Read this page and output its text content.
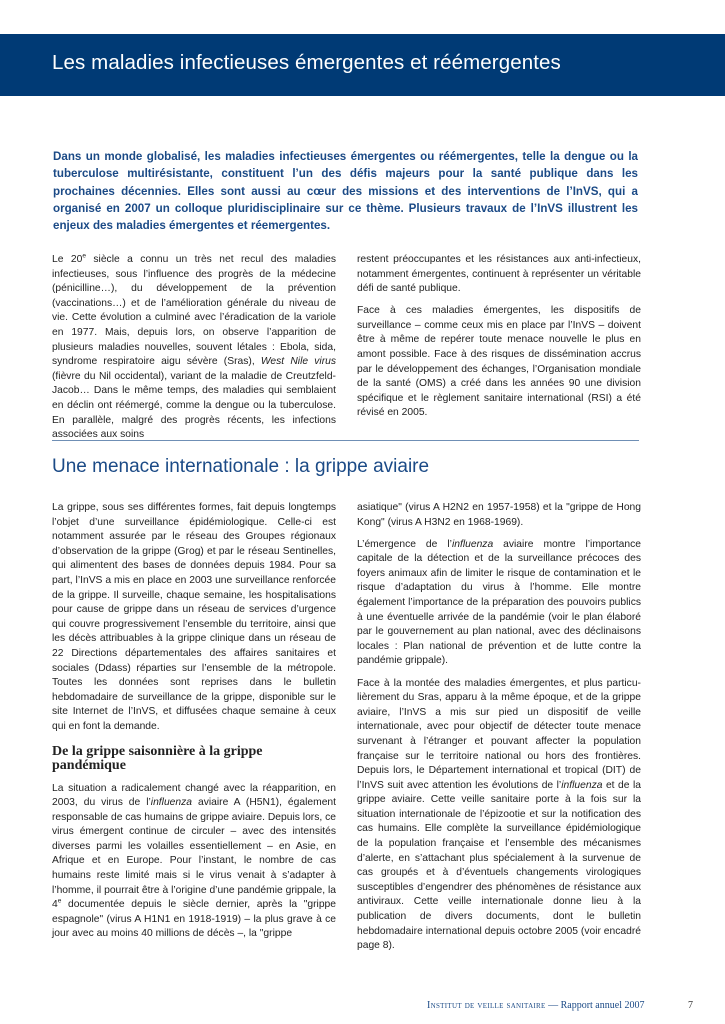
Les maladies infectieuses émergentes et réémergentes

Dans un monde globalisé, les maladies infectieuses émergentes ou réémergentes, telle la dengue ou la tuberculose multirésistante, constituent l’un des défis majeurs pour la santé publique dans les prochaines décennies. Elles sont aussi au cœur des missions et des interventions de l’InVS, qui a organisé en 2007 un colloque pluridisciplinaire sur ce thème. Plusieurs travaux de l’InVS illustrent les enjeux des maladies émergentes et réemergentes.

Le 20e siècle a connu un très net recul des maladies infectieuses, sous l’influence des progrès de la médecine (pénicilline…), du développement de la prévention (vaccinations…) et de l’amélioration générale du niveau de vie. Cette évolution a culminé avec l’éradication de la variole en 1977. Mais, depuis lors, on observe l’apparition de plusieurs maladies nouvelles, souvent létales : Ebola, sida, syndrome respiratoire aigu sévère (Sras), West Nile virus (fièvre du Nil occidental), variant de la maladie de Creutzfeld-Jacob… Dans le même temps, des maladies qui semblaient en déclin ont réémergé, comme la dengue ou la tuberculose. En parallèle, malgré des progrès récents, les infections associées aux soins

restent préoccupantes et les résistances aux anti-infectieux, notamment émergentes, continuent à représenter un véritable défi de santé publique.

Face à ces maladies émergentes, les dispositifs de surveillance – comme ceux mis en place par l’InVS – doivent être à même de repérer toute menace nouvelle le plus en amont possible. Face à des risques de dissémination accrus par le développement des échanges, l’Organisation mondiale de la santé (OMS) a créé dans les années 90 une division spécifique et le règlement sanitaire international (RSI) a été révisé en 2005.

Une menace internationale : la grippe aviaire

La grippe, sous ses différentes formes, fait depuis longtemps l’objet d’une surveillance épidémiologique. Celle-ci est notamment assurée par le réseau des Groupes régionaux d’observation de la grippe (Grog) et par le réseau Sentinelles, qui alimentent des bases de données depuis 1984. Pour sa part, l’InVS a mis en place en 2003 une surveillance renforcée de la grippe. Il surveille, chaque semaine, les hospitalisations pour cause de grippe dans un réseau de services d’urgence qui couvre progressivement l’ensemble du territoire, ainsi que les décès attribuables à la grippe clinique dans un réseau de 22 Directions départementales des affaires sanitaires et sociales (Ddass) réparties sur l’ensemble de la métropole. Toutes les données sont reprises dans le bulletin hebdomadaire de surveillance de la grippe, disponible sur le site Internet de l’InVS, et diffusées chaque semaine à ceux qui en font la demande.

De la grippe saisonnière à la grippe pandémique

La situation a radicalement changé avec la réapparition, en 2003, du virus de l’influenza aviaire A (H5N1), également responsable de cas humains de grippe aviaire. Depuis lors, ce virus émergent continue de circuler – avec des intensités diverses parmi les volailles essentiellement – en Asie, en Afrique et en Europe. Pour l’instant, le nombre de cas humains reste limité mais si le virus venait à s’adapter à l’homme, il pourrait être à l’origine d’une pandémie grippale, la 4e documentée depuis le siècle dernier, après la "grippe espagnole" (virus A H1N1 en 1918-1919) – la plus grave à ce jour avec au moins 40 millions de décès –, la "grippe

asiatique" (virus A H2N2 en 1957-1958) et la "grippe de Hong Kong" (virus A H3N2 en 1968-1969).

L’émergence de l’influenza aviaire montre l’importance capitale de la détection et de la surveillance précoces des foyers animaux afin de limiter le risque de contamination et le risque d’adaptation du virus à l’homme. Elle montre également l’importance de la préparation des pouvoirs publics à une éventuelle arrivée de la pandémie (voir le plan élaboré par le gouvernement au plan national, avec des déclinaisons locales : Plan national de prévention et de lutte contre la pandémie grippale).

Face à la montée des maladies émergentes, et plus particu-lièrement du Sras, apparu à la même époque, et de la grippe aviaire, l’InVS a mis sur pied un dispositif de veille internationale, avec pour objectif de détecter toute menace survenant à l’étranger et pouvant affecter la population française sur le territoire national ou hors des frontières. Depuis lors, le Département international et tropical (DIT) de l’InVS suit avec attention les évolutions de l’influenza et de la grippe aviaire. Cette veille sanitaire porte à la fois sur la situation internationale de l’épizootie et sur la notification des cas humains. Elle complète la surveillance épidémiologique de la population française et l’ensemble des mécanismes d’alerte, en s’attachant plus spécialement à la survenue de cas groupés et à d’éventuels changements virologiques susceptibles d’engendrer des phénomènes de résistance aux antiviraux. Cette veille internationale donne lieu à la publication de divers documents, dont le bulletin hebdomadaire international depuis octobre 2005 (voir encadré page 8).

Institut de veille sanitaire — Rapport annuel 2007	7
